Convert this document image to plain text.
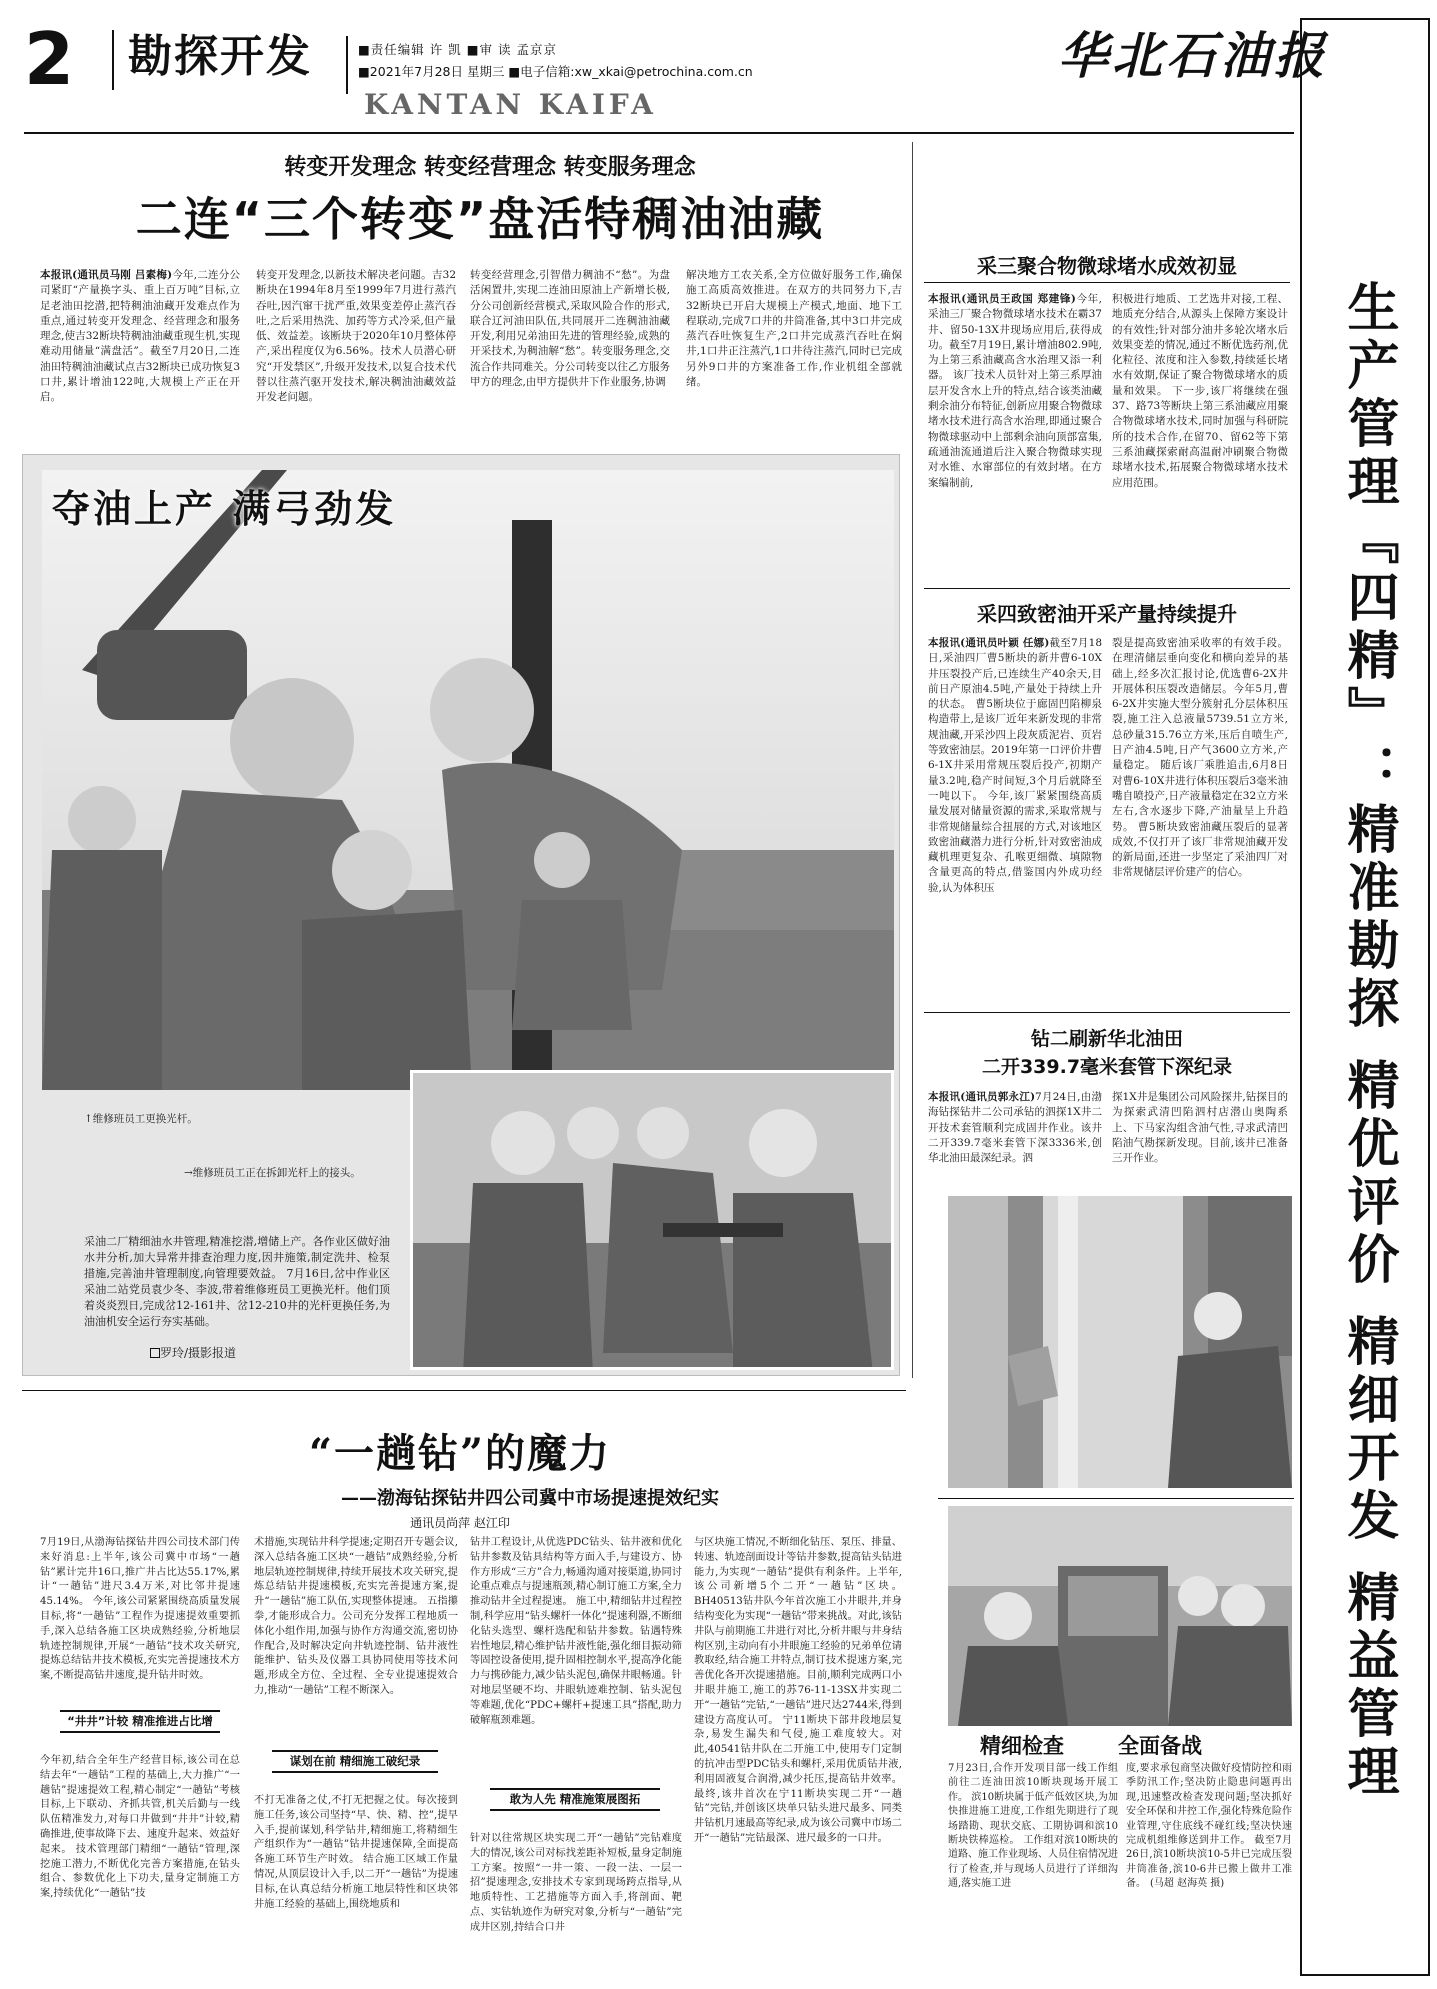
2 勘探开发	■责任编辑 许 凯 ■审 读 孟京京
■2021年7月28日 星期三 ■电子信箱:xw_xkai@petrochina.com.cn
KANTAN KAIFA
华北石油报
生产管理『四精』：精准勘探 精优评价 精细开发 精益管理
转变开发理念 转变经营理念 转变服务理念
二连“三个转变”盘活特稠油油藏
本报讯(通讯员马刚 吕素梅)今年,二连分公司紧盯“产量换字头、重上百万吨”目标,立足老油田挖潜,把特稠油油藏开发难点作为重点,通过转变开发理念、经营理念和服务理念,使吉32断块特稠油油藏重现生机,实现难动用储量“满盘活”。截至7月20日,二连油田特稠油油藏试点吉32断块已成功恢复3口井,累计增油122吨,大规模上产正在开启。
转变开发理念,以新技术解决老问题。吉32断块在1994年8月至1999年7月进行蒸汽吞吐,因汽窜干扰严重,效果变差停止蒸汽吞吐,之后采用热洗、加药等方式冷采,但产量低、效益差。该断块于2020年10月整体停产,采出程度仅为6.56%。技术人员潜心研究“开发禁区”,升级开发技术,以复合技术代替以往蒸汽驱开发技术,解决稠油油藏效益开发老问题。
转变经营理念,引智借力稠油不“愁”。为盘活闲置井,实现二连油田原油上产新增长极,分公司创新经营模式,采取风险合作的形式,联合辽河油田队伍,共同展开二连稠油油藏开发,利用兄弟油田先进的管理经验,成熟的开采技术,为稠油解“愁”。转变服务理念,交流合作共同难关。分公司转变以往乙方服务甲方的理念,由甲方提供井下作业服务,协调
解决地方工农关系,全方位做好服务工作,确保施工高质高效推进。在双方的共同努力下,吉32断块已开启大规模上产模式,地面、地下工程联动,完成7口井的井筒准备,其中3口井完成蒸汽吞吐恢复生产,2口井完成蒸汽吞吐在焖井,1口井正注蒸汽,1口井待注蒸汽,同时已完成另外9口井的方案准备工作,作业机组全部就绪。
夺油上产 满弓劲发
↑维修班员工更换光杆。
→维修班员工正在拆卸光杆上的接头。
采油二厂精细油水井管理,精准挖潜,增储上产。各作业区做好油水井分析,加大异常井排查治理力度,因井施策,制定洗井、检泵措施,完善油井管理制度,向管理要效益。 7月16日,岔中作业区采油二站党员袁少冬、李波,带着维修班员工更换光杆。他们顶着炎炎烈日,完成岔12-161井、岔12-210井的光杆更换任务,为油油机安全运行夯实基础。
罗玲/摄影报道
采三聚合物微球堵水成效初显
本报讯(通讯员王政国 郑建锋)今年,采油三厂聚合物微球堵水技术在霸37井、留50-13X井现场应用后,获得成功。截至7月19日,累计增油802.9吨,为上第三系油藏高含水治理又添一利器。 该厂技术人员针对上第三系厚油层开发含水上升的特点,结合该类油藏剩余油分布特征,创新应用聚合物微球堵水技术进行高含水治理,即通过聚合物微球驱动中上部剩余油向顶部富集,疏通油流通道后注入聚合物微球实现对水锥、水窜部位的有效封堵。在方案编制前,
积极进行地质、工艺选井对接,工程、地质充分结合,从源头上保障方案设计的有效性;针对部分油井多轮次堵水后效果变差的情况,通过不断优选药剂,优化粒径、浓度和注入参数,持续延长堵水有效期,保证了聚合物微球堵水的质量和效果。 下一步,该厂将继续在强37、路73等断块上第三系油藏应用聚合物微球堵水技术,同时加强与科研院所的技术合作,在留70、留62等下第三系油藏探索耐高温耐冲刷聚合物微球堵水技术,拓展聚合物微球堵水技术应用范围。
采四致密油开采产量持续提升
本报讯(通讯员叶颖 任娜)截至7月18日,采油四厂曹5断块的新井曹6-10X井压裂投产后,已连续生产40余天,目前日产原油4.5吨,产量处于持续上升的状态。 曹5断块位于廊固凹陷柳泉构造带上,是该厂近年来新发现的非常规油藏,开采沙四上段灰质泥岩、页岩等致密油层。2019年第一口评价井曹6-1X井采用常规压裂后投产,初期产量3.2吨,稳产时间短,3个月后就降至一吨以下。 今年,该厂紧紧围绕高质量发展对储量资源的需求,采取常规与非常规储量综合扭展的方式,对该地区致密油藏潜力进行分析,针对致密油成藏机理更复杂、孔喉更细微、填隙物含量更高的特点,借鉴国内外成功经验,认为体积压
裂是提高致密油采收率的有效手段。在理清储层垂向变化和横向差异的基础上,经多次汇报讨论,优选曹6-2X井开展体积压裂改造储层。今年5月,曹6-2X井实施大型分簇射孔分层体积压裂,施工注入总液量5739.51立方米,总砂量315.76立方米,压后自喷生产,日产油4.5吨,日产气3600立方米,产量稳定。 随后该厂乘胜追击,6月8日对曹6-10X井进行体积压裂后3毫米油嘴自喷投产,日产液量稳定在32立方米左右,含水逐步下降,产油量呈上升趋势。 曹5断块致密油藏压裂后的显著成效,不仅打开了该厂非常规油藏开发的新局面,还进一步坚定了采油四厂对非常规储层评价建产的信心。
钻二刷新华北油田
二开339.7毫米套管下深纪录
本报讯(通讯员郭永江)7月24日,由渤海钻探钻井二公司承钻的泗探1X井二开技术套管顺利完成固井作业。该井二开339.7毫米套管下深3336米,创华北油田最深纪录。泗
探1X井是集团公司风险探井,钻探目的为探索武清凹陷泗村店潜山奥陶系上、下马家沟组含油气性,寻求武清凹陷油气勘探新发现。目前,该井已准备三开作业。
精细检查	全面备战
7月23日,合作开发项目部一线工作组前往二连油田滨10断块现场开展工作。 滨10断块属于低产低效区块,为加快推进施工进度,工作组先期进行了现场踏勘、现状交底、工期协调和滨10断块铁棒巡检。 工作组对滨10断块的道路、施工作业现场、人员住宿情况进行了检查,并与现场人员进行了详细沟通,落实施工进
度,要求承包商坚决做好疫情防控和雨季防汛工作;坚决防止隐患问题再出现,迅速整改检查发现问题;坚决抓好安全环保和井控工作,强化特殊危险作业管理,守住底线不碰红线;坚决快速完成机组维修送到井工作。 截至7月26日,滨10断块滨10-5井已完成压裂井筒准备,滨10-6井已搬上做井工准备。 (马超 赵海英 摄)
“一趟钻”的魔力
——渤海钻探钻井四公司冀中市场提速提效纪实
通讯员尚萍 赵江印
7月19日,从渤海钻探钻井四公司技术部门传来好消息:上半年,该公司冀中市场“一趟钻”累计完井16口,推广井占比达55.17%,累计“一趟钻”进尺3.4万米,对比邻井提速45.14%。 今年,该公司紧紧围绕高质量发展目标,将“一趟钻”工程作为提速提效重要抓手,深入总结各施工区块成熟经验,分析地层轨迹控制规律,开展“一趟钻”技术攻关研究,提炼总结钻井技术模板,充实完善提速技术方案,不断提高钻井速度,提升钻井时效。
“井井”计较 精准推进占比增
今年初,结合全年生产经营目标,该公司在总结去年“一趟钻”工程的基础上,大力推广“一趟钻”提速提效工程,精心制定“一趟钻”考核目标,上下联动、齐抓共管,机关后勤与一线队伍精准发力,对每口井做到“井井”计较,精确推进,使事故降下去、速度升起来、效益好起来。 技术管理部门精细“一趟钻”管理,深挖施工潜力,不断优化完善方案措施,在钻头组合、参数优化上下功夫,量身定制施工方案,持续优化“一趟钻”技
术措施,实现钻井科学提速;定期召开专题会议,深入总结各施工区块“一趟钻”成熟经验,分析地层轨迹控制规律,持续开展技术攻关研究,提炼总结钻井提速模板,充实完善提速方案,提升“一趟钻”施工队伍,实现整体提速。 五指攥拳,才能形成合力。公司充分发挥工程地质一体化小组作用,加强与协作方沟通交流,密切协作配合,及时解决定向井轨迹控制、钻井液性能维护、钻头及仪器工具协同使用等技术问题,形成全方位、全过程、全专业提速提效合力,推动“一趟钻”工程不断深入。
谋划在前 精细施工破纪录
不打无准备之仗,不打无把握之仗。每次接到施工任务,该公司坚持“早、快、精、控”,提早入手,提前谋划,科学钻井,精细施工,将精细生产组织作为“一趟钻”钻井提速保障,全面提高各施工环节生产时效。 结合施工区域工作量情况,从顶层设计入手,以二开“一趟钻”为提速目标,在认真总结分析施工地层特性和区块邻井施工经验的基础上,围绕地质和
钻井工程设计,从优选PDC钻头、钻井液和优化钻井参数及钻具结构等方面入手,与建设方、协作方形成“三方”合力,畅通沟通对接渠道,协同讨论重点难点与提速瓶颈,精心制订施工方案,全力推动钻井全过程提速。 施工中,精细钻井过程控制,科学应用“钻头螺杆一体化”提速利器,不断细化钻头选型、螺杆选配和钻井参数。钻遇特殊岩性地层,精心维护钻井液性能,强化细目振动筛等固控设备使用,提升固相控制水平,提高净化能力与携砂能力,减少钻头泥包,确保井眼畅通。针对地层坚硬不均、井眼轨迹难控制、钻头泥包等难题,优化“PDC+螺杆+提速工具”搭配,助力破解瓶颈难题。
敢为人先 精准施策展图拓
针对以往常规区块实现二开“一趟钻”完钻难度大的情况,该公司对标找差距补短板,量身定制施工方案。按照“一井一策、一段一法、一层一招”提速理念,安排技术专家到现场跨点指导,从地质特性、工艺措施等方面入手,将剖面、靶点、实钻轨迹作为研究对象,分析与“一趟钻”完成井区别,持结合口井
与区块施工情况,不断细化钻压、泵压、排量、转速、轨迹剖面设计等钻井参数,提高钻头钻进能力,为实现“一趟钻”提供有利条件。上半年,该公司新增5个二开“一趟钻”区块。 BH40513钻井队今年首次施工小井眼井,并身结构变化为实现“一趟钻”带来挑战。对此,该钻井队与前期施工井进行对比,分析井眼与井身结构区别,主动向有小井眼施工经验的兄弟单位请教取经,结合施工井特点,制订技术提速方案,完善优化各开次提速措施。目前,顺利完成两口小井眼井施工,施工的苏76-11-13SX井实现二开“一趟钻”完钻,“一趟钻”进尺达2744米,得到建设方高度认可。 宁11断块下部井段地层复杂,易发生漏失和气侵,施工难度较大。对此,40541钻井队在二开施工中,使用专门定制的抗冲击型PDC钻头和螺杆,采用优质钻井液,利用固液复合润滑,减少托压,提高钻井效率。最终,该井首次在宁11断块实现二开“一趟钻”完钻,并创该区块单只钻头进尺最多、同类井钻机月速最高等纪录,成为该公司冀中市场二开“一趟钻”完钻最深、进尺最多的一口井。
